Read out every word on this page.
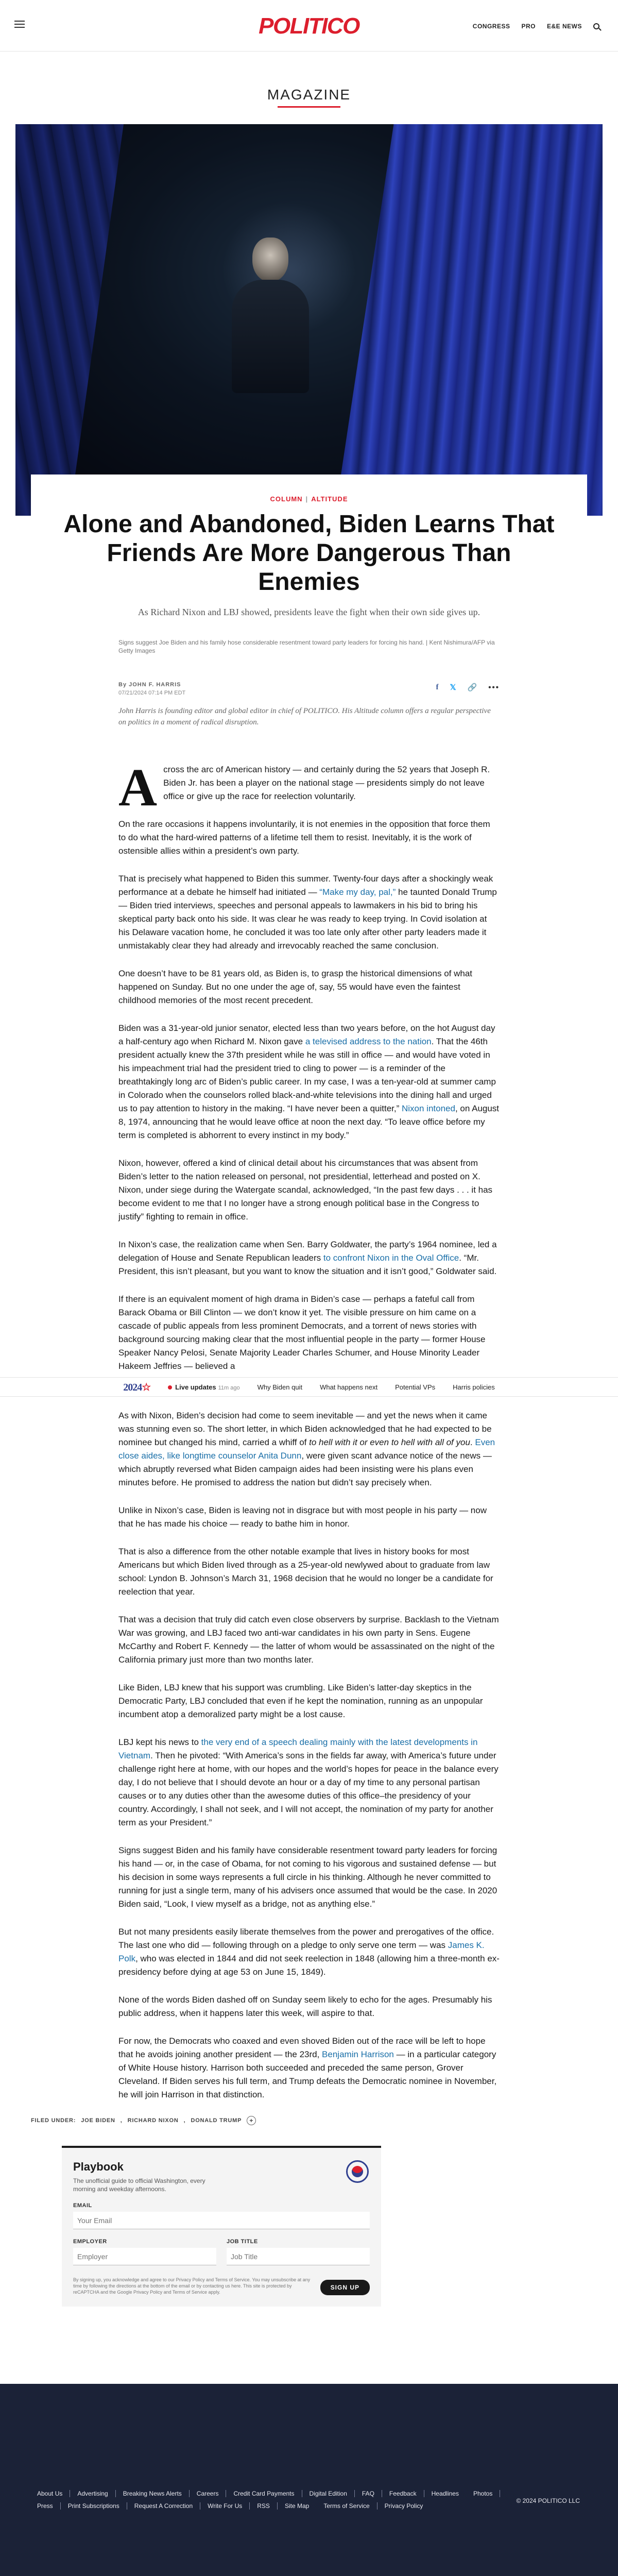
POLITICO	CONGRESS PRO E&E NEWS
MAGAZINE
COLUMN | ALTITUDE
Alone and Abandoned, Biden Learns That Friends Are More Dangerous Than Enemies

As Richard Nixon and LBJ showed, presidents leave the fight when their own side gives up.

Signs suggest Joe Biden and his family hose considerable resentment toward party leaders for forcing his hand. | Kent Nishimura/AFP via Getty Images

By JOHN F. HARRIS
07/21/2024 07:14 PM EDT
f 𝕏 🔗 •••

John Harris is founding editor and global editor in chief of POLITICO. His Altitude column offers a regular perspective on politics in a moment of radical disruption.

Across the arc of American history — and certainly during the 52 years that Joseph R. Biden Jr. has been a player on the national stage — presidents simply do not leave office or give up the race for reelection voluntarily.

On the rare occasions it happens involuntarily, it is not enemies in the opposition that force them to do what the hard-wired patterns of a lifetime tell them to resist. Inevitably, it is the work of ostensible allies within a president’s own party.

That is precisely what happened to Biden this summer. Twenty-four days after a shockingly weak performance at a debate he himself had initiated — “Make my day, pal,” he taunted Donald Trump — Biden tried interviews, speeches and personal appeals to lawmakers in his bid to bring his skeptical party back onto his side. It was clear he was ready to keep trying. In Covid isolation at his Delaware vacation home, he concluded it was too late only after other party leaders made it unmistakably clear they had already and irrevocably reached the same conclusion.

One doesn’t have to be 81 years old, as Biden is, to grasp the historical dimensions of what happened on Sunday. But no one under the age of, say, 55 would have even the faintest childhood memories of the most recent precedent.

Biden was a 31-year-old junior senator, elected less than two years before, on the hot August day a half-century ago when Richard M. Nixon gave a televised address to the nation. That the 46th president actually knew the 37th president while he was still in office — and would have voted in his impeachment trial had the president tried to cling to power — is a reminder of the breathtakingly long arc of Biden’s public career. In my case, I was a ten-year-old at summer camp in Colorado when the counselors rolled black-and-white televisions into the dining hall and urged us to pay attention to history in the making. “I have never been a quitter,” Nixon intoned, on August 8, 1974, announcing that he would leave office at noon the next day. “To leave office before my term is completed is abhorrent to every instinct in my body.”

Nixon, however, offered a kind of clinical detail about his circumstances that was absent from Biden’s letter to the nation released on personal, not presidential, letterhead and posted on X. Nixon, under siege during the Watergate scandal, acknowledged, “In the past few days . . . it has become evident to me that I no longer have a strong enough political base in the Congress to justify” fighting to remain in office.

In Nixon’s case, the realization came when Sen. Barry Goldwater, the party’s 1964 nominee, led a delegation of House and Senate Republican leaders to confront Nixon in the Oval Office. “Mr. President, this isn’t pleasant, but you want to know the situation and it isn’t good,” Goldwater said.

If there is an equivalent moment of high drama in Biden’s case — perhaps a fateful call from Barack Obama or Bill Clinton — we don’t know it yet. The visible pressure on him came on a cascade of public appeals from less prominent Democrats, and a torrent of news stories with background sourcing making clear that the most influential people in the party — former House Speaker Nancy Pelosi, Senate Majority Leader Charles Schumer, and House Minority Leader Hakeem Jeffries — believed a

2024☆	Live updates 11m ago	Why Biden quit	What happens next	Potential VPs	Harris policies

As with Nixon, Biden’s decision had come to seem inevitable — and yet the news when it came was stunning even so. The short letter, in which Biden acknowledged that he had expected to be nominee but changed his mind, carried a whiff of to hell with it or even to hell with all of you. Even close aides, like longtime counselor Anita Dunn, were given scant advance notice of the news — which abruptly reversed what Biden campaign aides had been insisting were his plans even minutes before. He promised to address the nation but didn’t say precisely when.

Unlike in Nixon’s case, Biden is leaving not in disgrace but with most people in his party — now that he has made his choice — ready to bathe him in honor.

That is also a difference from the other notable example that lives in history books for most Americans but which Biden lived through as a 25-year-old newlywed about to graduate from law school: Lyndon B. Johnson’s March 31, 1968 decision that he would no longer be a candidate for reelection that year.

That was a decision that truly did catch even close observers by surprise. Backlash to the Vietnam War was growing, and LBJ faced two anti-war candidates in his own party in Sens. Eugene McCarthy and Robert F. Kennedy — the latter of whom would be assassinated on the night of the California primary just more than two months later.

Like Biden, LBJ knew that his support was crumbling. Like Biden’s latter-day skeptics in the Democratic Party, LBJ concluded that even if he kept the nomination, running as an unpopular incumbent atop a demoralized party might be a lost cause.

LBJ kept his news to the very end of a speech dealing mainly with the latest developments in Vietnam. Then he pivoted: “With America’s sons in the fields far away, with America’s future under challenge right here at home, with our hopes and the world’s hopes for peace in the balance every day, I do not believe that I should devote an hour or a day of my time to any personal partisan causes or to any duties other than the awesome duties of this office–the presidency of your country. Accordingly, I shall not seek, and I will not accept, the nomination of my party for another term as your President.”

Signs suggest Biden and his family have considerable resentment toward party leaders for forcing his hand — or, in the case of Obama, for not coming to his vigorous and sustained defense — but his decision in some ways represents a full circle in his thinking. Although he never committed to running for just a single term, many of his advisers once assumed that would be the case. In 2020 Biden said, “Look, I view myself as a bridge, not as anything else.”

But not many presidents easily liberate themselves from the power and prerogatives of the office. The last one who did — following through on a pledge to only serve one term — was James K. Polk, who was elected in 1844 and did not seek reelection in 1848 (allowing him a three-month ex-presidency before dying at age 53 on June 15, 1849).

None of the words Biden dashed off on Sunday seem likely to echo for the ages. Presumably his public address, when it happens later this week, will aspire to that.

For now, the Democrats who coaxed and even shoved Biden out of the race will be left to hope that he avoids joining another president — the 23rd, Benjamin Harrison — in a particular category of White House history. Harrison both succeeded and preceded the same person, Grover Cleveland. If Biden serves his full term, and Trump defeats the Democratic nominee in November, he will join Harrison in that distinction.

FILED UNDER: JOE BIDEN , RICHARD NIXON , DONALD TRUMP	+
Playbook
The unofficial guide to official Washington, every morning and weekday afternoons.
EMAIL
Your Email
EMPLOYER
Employer	JOB TITLE
Job Title

By signing up, you acknowledge and agree to our Privacy Policy and Terms of Service. You may unsubscribe at any time by following the directions at the bottom of the email or by contacting us here. This site is protected by reCAPTCHA and the Google Privacy Policy and Terms of Service apply.

SIGN UP
About Us	Advertising	Breaking News Alerts	Careers	Credit Card Payments	Digital Edition	FAQ	Feedback	Headlines	Photos
Press	Print Subscriptions	Request A Correction	Write For Us	RSS	Site Map	Terms of Service	Privacy Policy
© 2024 POLITICO LLC
